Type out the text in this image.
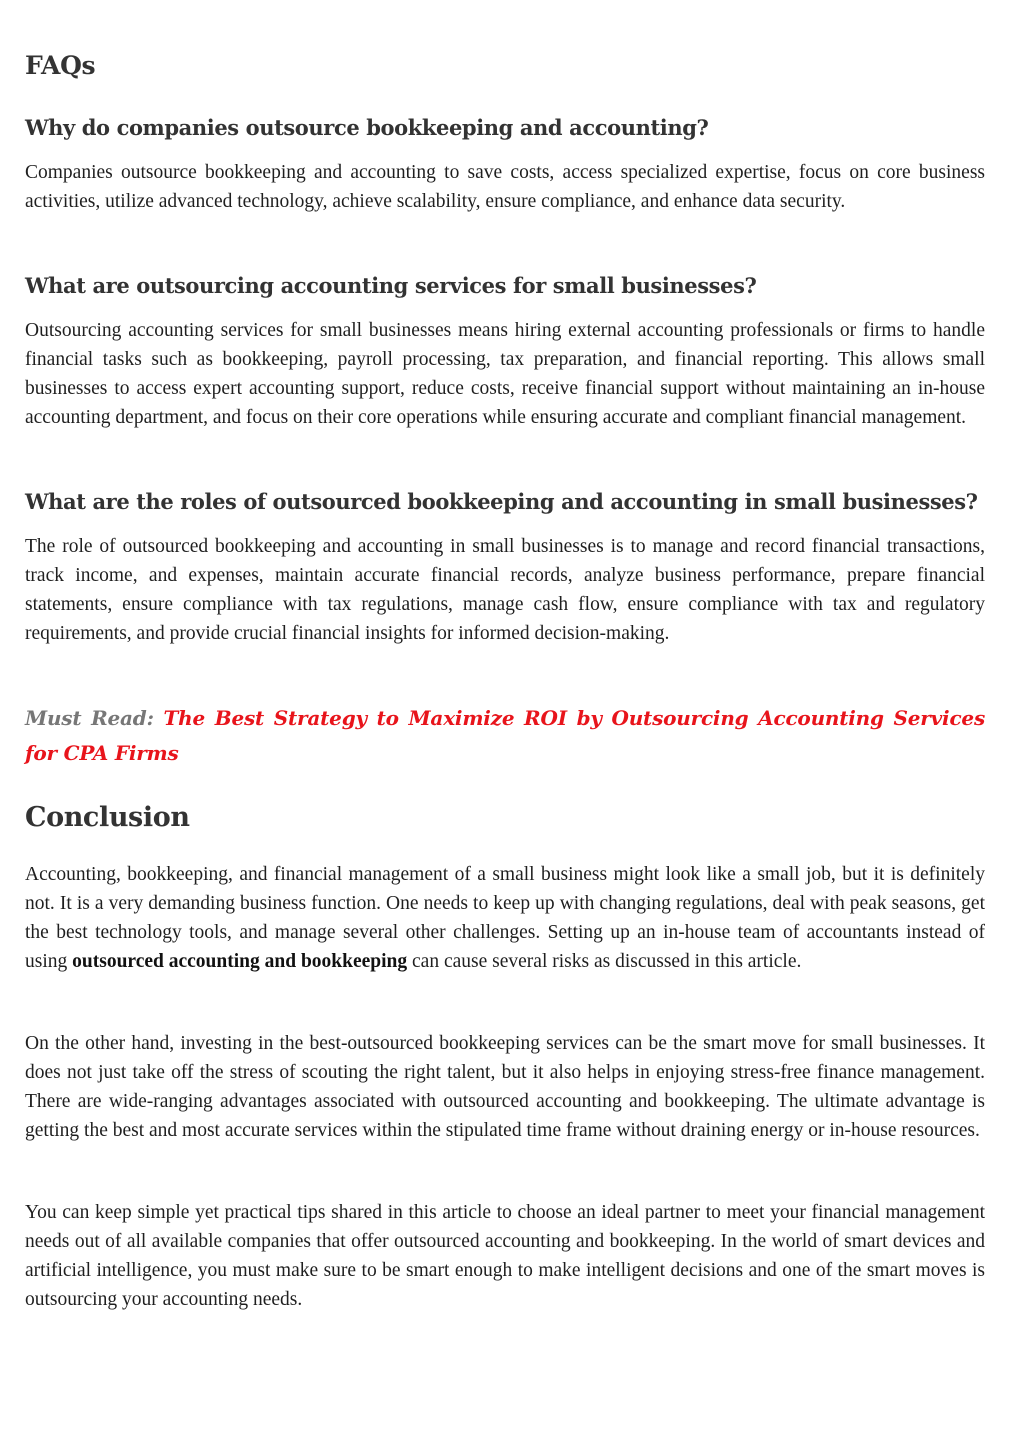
FAQs
Why do companies outsource bookkeeping and accounting?

Companies outsource bookkeeping and accounting to save costs, access specialized expertise, focus on core business activities, utilize advanced technology, achieve scalability, ensure compliance, and enhance data security.

What are outsourcing accounting services for small businesses?

Outsourcing accounting services for small businesses means hiring external accounting professionals or firms to handle financial tasks such as bookkeeping, payroll processing, tax preparation, and financial reporting. This allows small businesses to access expert accounting support, reduce costs, receive financial support without maintaining an in-house accounting department, and focus on their core operations while ensuring accurate and compliant financial management.

What are the roles of outsourced bookkeeping and accounting in small businesses?

The role of outsourced bookkeeping and accounting in small businesses is to manage and record financial transactions, track income, and expenses, maintain accurate financial records, analyze business performance, prepare financial statements, ensure compliance with tax regulations, manage cash flow, ensure compliance with tax and regulatory requirements, and provide crucial financial insights for informed decision-making.

Must Read: The Best Strategy to Maximize ROI by Outsourcing Accounting Services for CPA Firms

Conclusion

Accounting, bookkeeping, and financial management of a small business might look like a small job, but it is definitely not. It is a very demanding business function. One needs to keep up with changing regulations, deal with peak seasons, get the best technology tools, and manage several other challenges. Setting up an in-house team of accountants instead of using outsourced accounting and bookkeeping can cause several risks as discussed in this article.

On the other hand, investing in the best-outsourced bookkeeping services can be the smart move for small businesses. It does not just take off the stress of scouting the right talent, but it also helps in enjoying stress-free finance management. There are wide-ranging advantages associated with outsourced accounting and bookkeeping. The ultimate advantage is getting the best and most accurate services within the stipulated time frame without draining energy or in-house resources.

You can keep simple yet practical tips shared in this article to choose an ideal partner to meet your financial management needs out of all available companies that offer outsourced accounting and bookkeeping. In the world of smart devices and artificial intelligence, you must make sure to be smart enough to make intelligent decisions and one of the smart moves is outsourcing your accounting needs.
